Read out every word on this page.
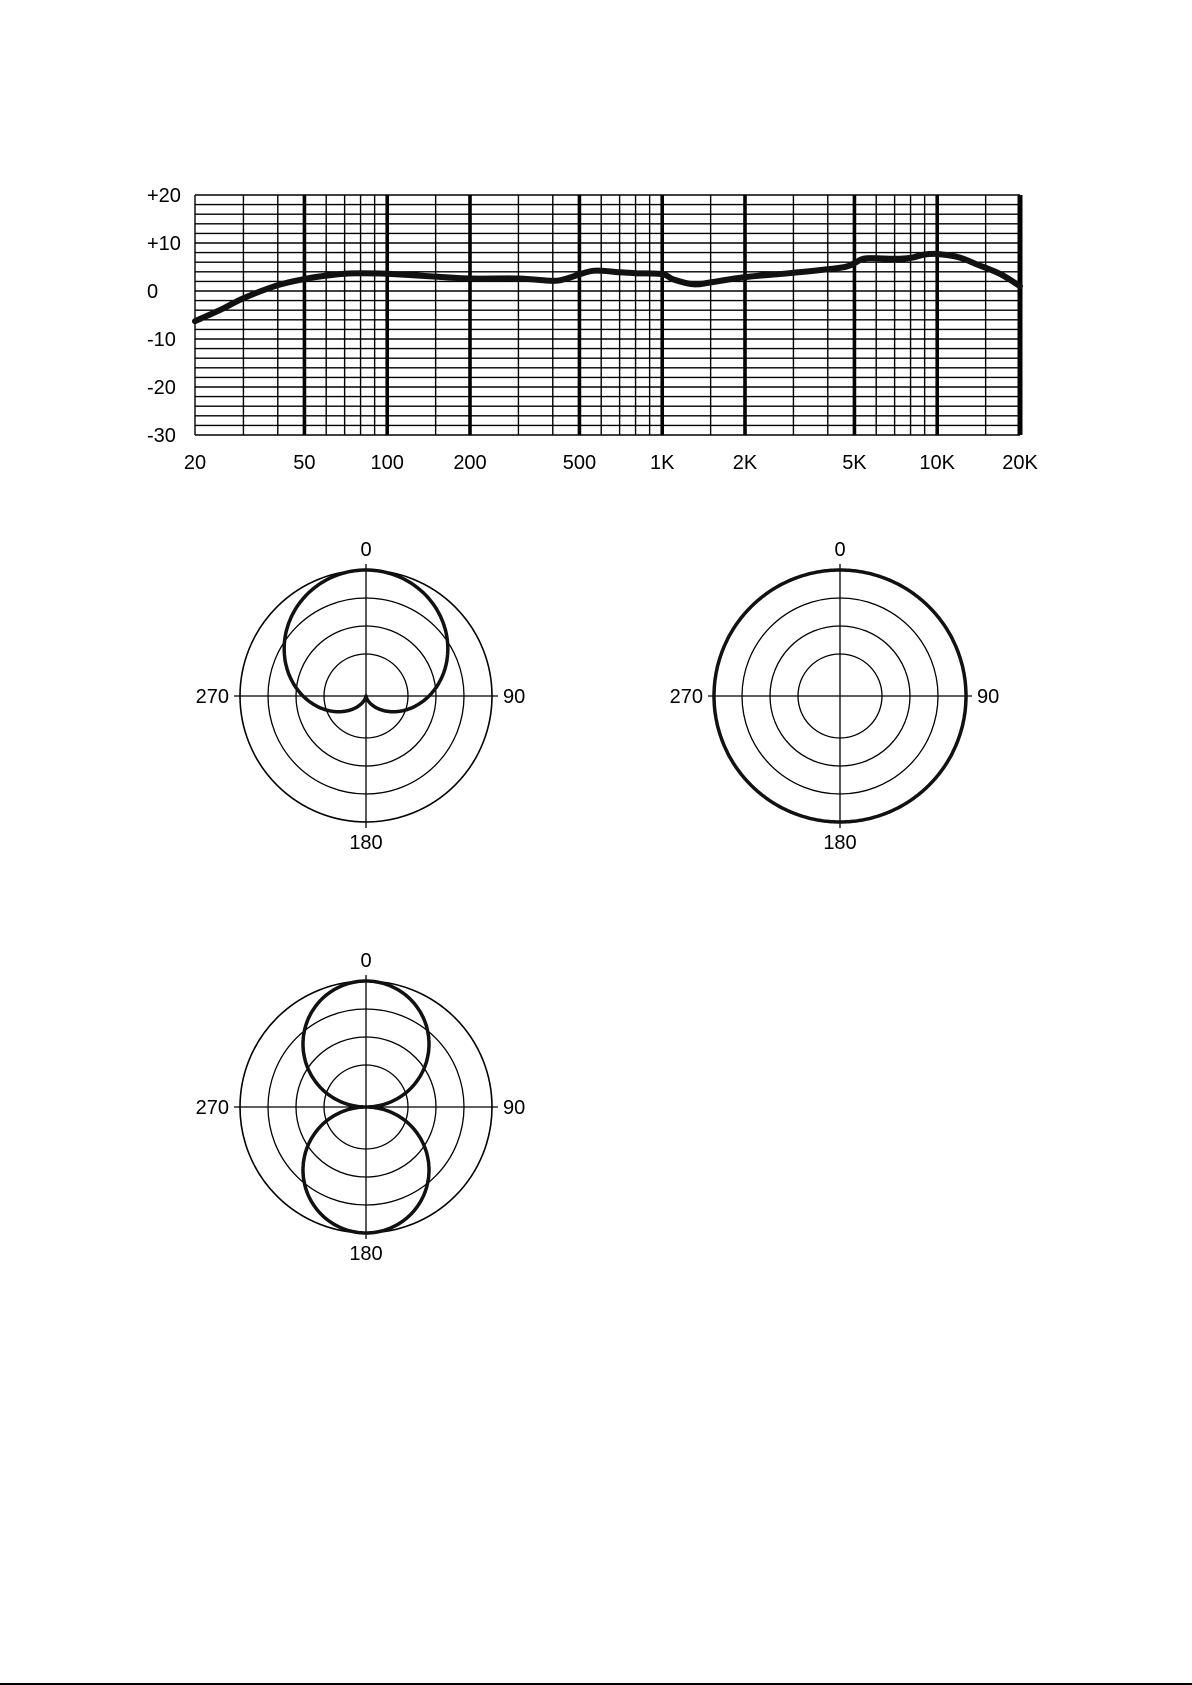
+20
+10
0
-10
-20
-30
20	50	100 200	500	1K	2K	5K	10K 20K
0
90
180
270
0
90
180
270
0
90
180
270
